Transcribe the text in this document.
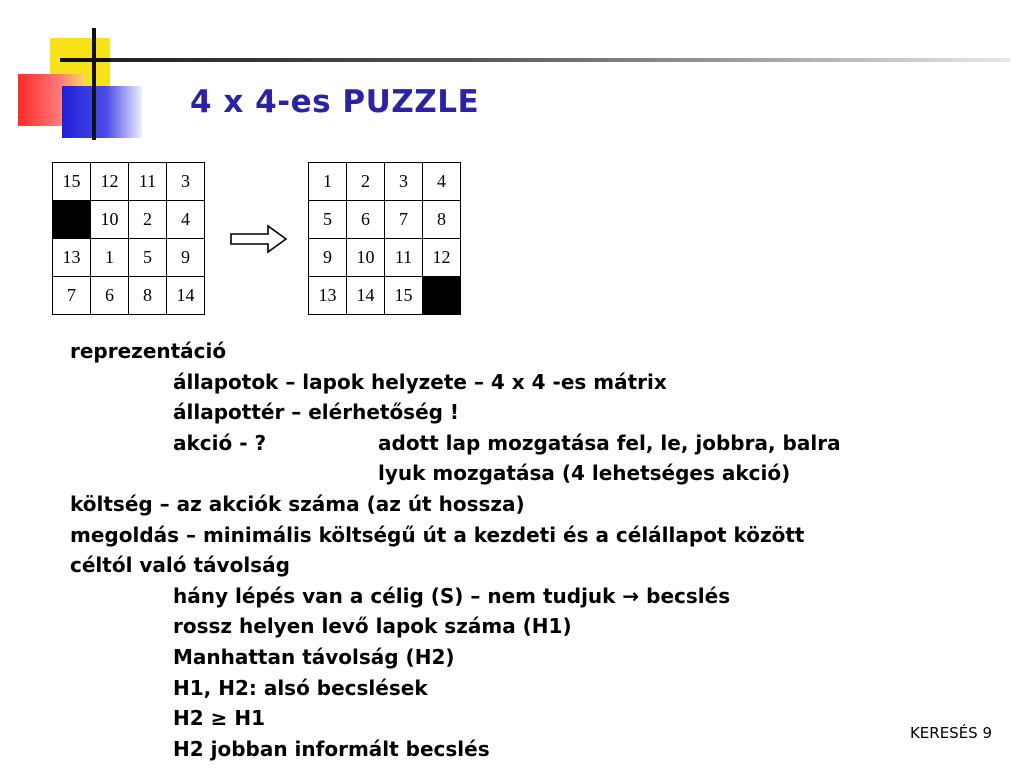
4 x 4-es PUZZLE
15	12	11	3
	10	2	4
13	1	5	9
7	6	8	14
1	2	3	4
5	6	7	8
9	10	11	12
13	14	15	
reprezentáció
állapotok – lapok helyzete – 4 x 4 -es mátrix
állapottér – elérhetőség !
akció - ?	adott lap mozgatása fel, le, jobbra, balra
lyuk mozgatása (4 lehetséges akció)
költség – az akciók száma (az út hossza)
megoldás – minimális költségű út a kezdeti és a célállapot között
céltól való távolság
hány lépés van a célig (S) – nem tudjuk → becslés
rossz helyen levő lapok száma (H1)
Manhattan távolság (H2)
H1, H2: alsó becslések
H2 ≥ H1
H2 jobban informált becslés
KERESÉS 9
